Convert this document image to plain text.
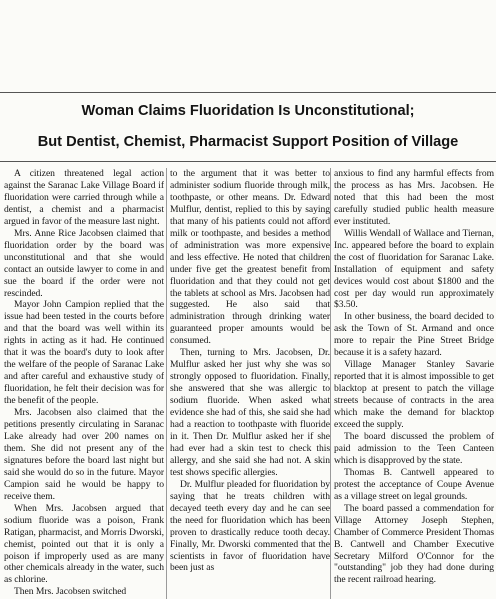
Woman Claims Fluoridation Is Unconstitutional;
But Dentist, Chemist, Pharmacist Support Position of Village

A citizen threatened legal action against the Saranac Lake Village Board if fluoridation were carried through while a dentist, a chemist and a pharmacist argued in favor of the measure last night.

Mrs. Anne Rice Jacobsen claimed that fluoridation order by the board was unconstitutional and that she would contact an outside lawyer to come in and sue the board if the order were not rescinded.

Mayor John Campion replied that the issue had been tested in the courts before and that the board was well within its rights in acting as it had. He continued that it was the board's duty to look after the welfare of the people of Saranac Lake and after careful and exhaustive study of fluoridation, he felt their decision was for the benefit of the people.

Mrs. Jacobsen also claimed that the petitions presently circulating in Saranac Lake already had over 200 names on them. She did not present any of the signatures before the board last night but said she would do so in the future. Mayor Campion said he would be happy to receive them.

When Mrs. Jacobsen argued that sodium fluoride was a poison, Frank Ratigan, pharmacist, and Morris Dworski, chemist, pointed out that it is only a poison if improperly used as are many other chemicals already in the water, such as chlorine.

Then Mrs. Jacobsen switched

to the argument that it was better to administer sodium fluoride through milk, toothpaste, or other means. Dr. Edward Mulflur, dentist, replied to this by saying that many of his patients could not afford milk or toothpaste, and besides a method of administration was more expensive and less effective. He noted that children under five get the greatest benefit from fluoridation and that they could not get the tablets at school as Mrs. Jacobsen had suggested. He also said that administration through drinking water guaranteed proper amounts would be consumed.

Then, turning to Mrs. Jacobsen, Dr. Mulflur asked her just why she was so strongly opposed to fluoridation. Finally, she answered that she was allergic to sodium fluoride. When asked what evidence she had of this, she said she had had a reaction to toothpaste with fluoride in it. Then Dr. Mulflur asked her if she had ever had a skin test to check this allergy, and she said she had not. A skin test shows specific allergies.

Dr. Mulflur pleaded for fluoridation by saying that he treats children with decayed teeth every day and he can see the need for fluoridation which has been proven to drastically reduce tooth decay. Finally, Mr. Dworski commented that the scientists in favor of fluoridation have been just as

anxious to find any harmful effects from the process as has Mrs. Jacobsen. He noted that this had been the most carefully studied public health measure ever instituted.

Willis Wendall of Wallace and Tiernan, Inc. appeared before the board to explain the cost of fluoridation for Saranac Lake. Installation of equipment and safety devices would cost about $1800 and the cost per day would run approximately $3.50.

In other business, the board decided to ask the Town of St. Armand and once more to repair the Pine Street Bridge because it is a safety hazard.

Village Manager Stanley Savarie reported that it is almost impossible to get blacktop at present to patch the village streets because of contracts in the area which make the demand for blacktop exceed the supply.

The board discussed the problem of paid admission to the Teen Canteen which is disapproved by the state.

Thomas B. Cantwell appeared to protest the acceptance of Coupe Avenue as a village street on legal grounds.

The board passed a commendation for Village Attorney Joseph Stephen, Chamber of Commerce President Thomas B. Cantwell and Chamber Executive Secretary Milford O'Connor for the "outstanding" job they had done during the recent railroad hearing.
